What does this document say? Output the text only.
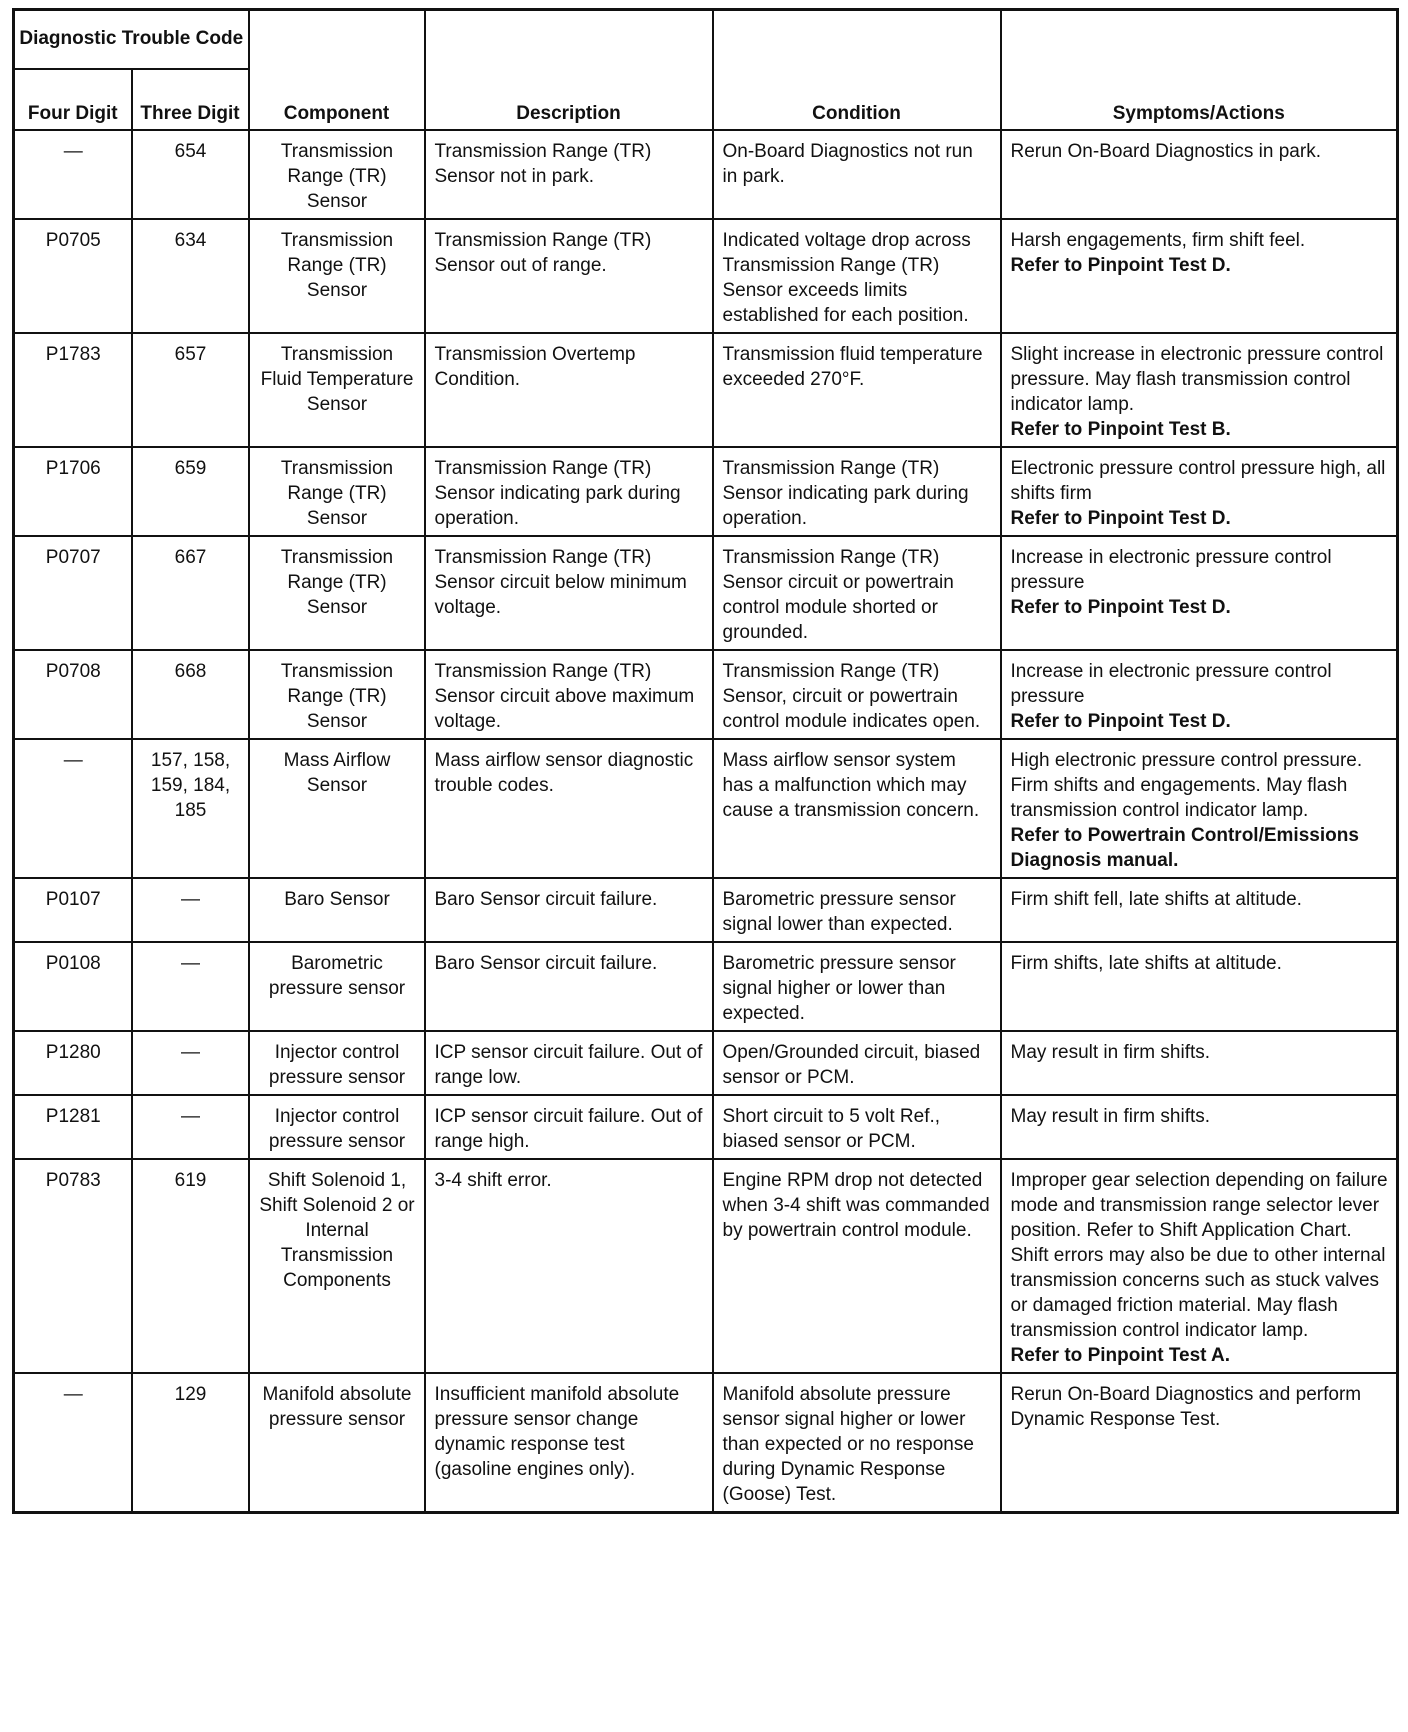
Diagnostic Trouble Code		Component	Description	Condition	Symptoms/Actions
Four Digit	Three Digit				
—	654	Transmission Range (TR) Sensor	Transmission Range (TR) Sensor not in park.	On-Board Diagnostics not run in park.	Rerun On-Board Diagnostics in park.

P0705	634	Transmission Range (TR) Sensor	Transmission Range (TR) Sensor out of range.	Indicated voltage drop across Transmission Range (TR) Sensor exceeds limits established for each position.	Harsh engagements, firm shift feel.
Refer to Pinpoint Test D.

P1783	657	Transmission Fluid Temperature Sensor	Transmission Overtemp Condition.	Transmission fluid temperature exceeded 270°F.	Slight increase in electronic pressure control pressure. May flash transmission control indicator lamp.
Refer to Pinpoint Test B.

P1706	659	Transmission Range (TR) Sensor	Transmission Range (TR) Sensor indicating park during operation.	Transmission Range (TR) Sensor indicating park during operation.	Electronic pressure control pressure high, all shifts firm
Refer to Pinpoint Test D.

P0707	667	Transmission Range (TR) Sensor	Transmission Range (TR) Sensor circuit below minimum voltage.	Transmission Range (TR) Sensor circuit or powertrain control module shorted or grounded.	Increase in electronic pressure control pressure
Refer to Pinpoint Test D.

P0708	668	Transmission Range (TR) Sensor	Transmission Range (TR) Sensor circuit above maximum voltage.	Transmission Range (TR) Sensor, circuit or powertrain control module indicates open.	Increase in electronic pressure control pressure
Refer to Pinpoint Test D.

—	157, 158, 159, 184, 185	Mass Airflow Sensor	Mass airflow sensor diagnostic trouble codes.	Mass airflow sensor system has a malfunction which may cause a transmission concern.	High electronic pressure control pressure. Firm shifts and engagements. May flash transmission control indicator lamp.
Refer to Powertrain Control/Emissions Diagnosis manual.

P0107	—	Baro Sensor	Baro Sensor circuit failure.	Barometric pressure sensor signal lower than expected.	Firm shift fell, late shifts at altitude.

P0108	—	Barometric pressure sensor	Baro Sensor circuit failure.	Barometric pressure sensor signal higher or lower than expected.	Firm shifts, late shifts at altitude.

P1280	—	Injector control pressure sensor	ICP sensor circuit failure. Out of range low.	Open/Grounded circuit, biased sensor or PCM.	May result in firm shifts.

P1281	—	Injector control pressure sensor	ICP sensor circuit failure. Out of range high.	Short circuit to 5 volt Ref., biased sensor or PCM.	May result in firm shifts.

P0783	619	Shift Solenoid 1, Shift Solenoid 2 or Internal Transmission Components	3-4 shift error.	Engine RPM drop not detected when 3-4 shift was commanded by powertrain control module.	Improper gear selection depending on failure mode and transmission range selector lever position. Refer to Shift Application Chart. Shift errors may also be due to other internal transmission concerns such as stuck valves or damaged friction material. May flash transmission control indicator lamp.
Refer to Pinpoint Test A.

—	129	Manifold absolute pressure sensor	Insufficient manifold absolute pressure sensor change dynamic response test (gasoline engines only).	Manifold absolute pressure sensor signal higher or lower than expected or no response during Dynamic Response (Goose) Test.	Rerun On-Board Diagnostics and perform Dynamic Response Test.
